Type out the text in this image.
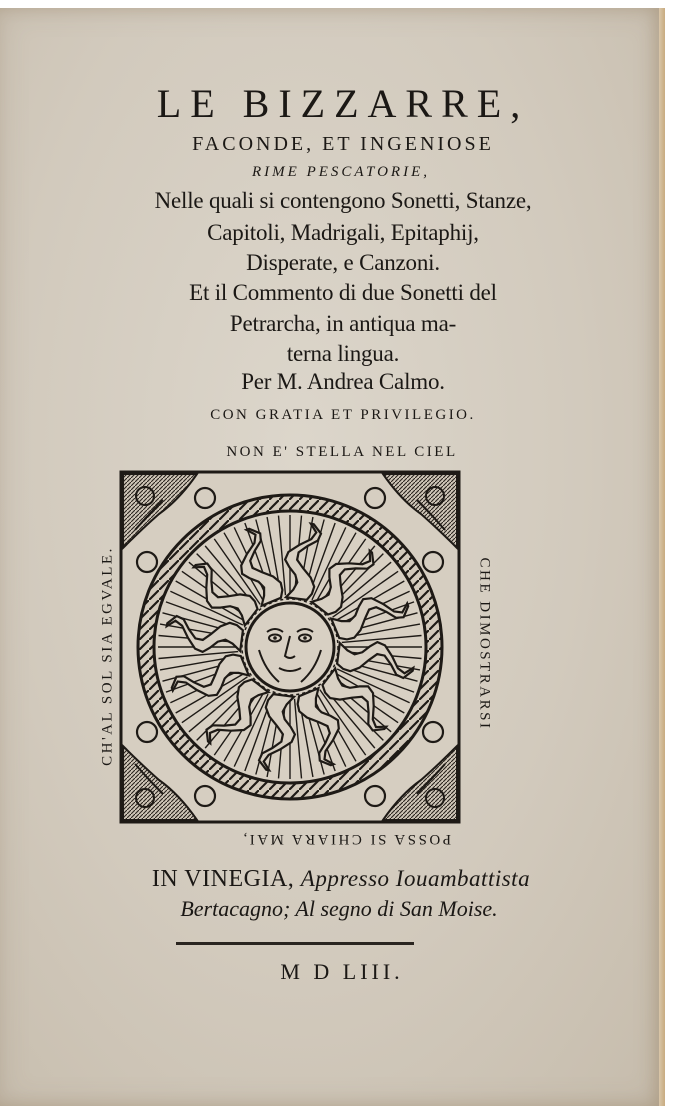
LE BIZZARRE,
FACONDE, ET INGENIOSE
RIME PESCATORIE,
Nelle quali si contengono Sonetti, Stanze,
Capitoli, Madrigali, Epitaphij,
Disperate, e Canzoni.
Et il Commento di due Sonetti del
Petrarcha, in antiqua ma-
terna lingua.
Per M. Andrea Calmo.
CON GRATIA ET PRIVILEGIO.
NON E' STELLA NEL CIEL
CH'AL SOL SIA EGVALE.	CHE DIMOSTRARSI
POSSA SI CHIARA MAI,
IN VINEGIA, Appresso Iouambattista
Bertacagno; Al segno di San Moise.
M D LIII.
